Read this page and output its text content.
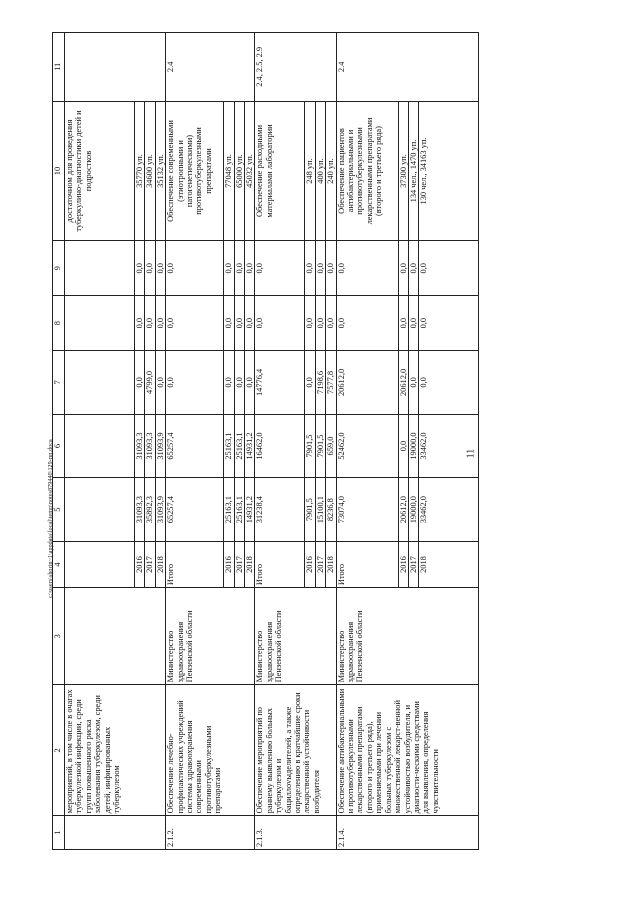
11
c:\users\shorin~1\appdata\local\temp\notes879440\129-пп.doca
1	2	3	4	5	6	7	8	9	10	11
	мероприятий, в том числе в очагах туберкулезной инфекции, среди групп повышенного риска заболевания туберкулезом, среди детей, инфицированных туберкулезом								достаточном для проведения туберкулино-диагностики детей и подростков	
			2016	31093,3	31093,3	0,0	0,0	0,0	35770 уп.	
			2017	35892,3	31093,3	4799,0	0,0	0,0	34600 уп.	
			2018	31093,9	31093,9	0,0	0,0	0,0	35132 уп.	
2.1.2.	Обеспечение лечебно-профилактических учреждений системы здравоохранения современными противотуберкулезными препаратами	Министерство здравоохранения Пензенской области	Итого	65257,4	65257,4	0,0	0,0	0,0	Обеспечение современными (этиотропными и патогенетическими) противотуберкулезными препаратами	2.4
			2016	25163,1	25163,1	0,0	0,0	0,0	77048 уп.	
			2017	25163,1	25163,1	0,0	0,0	0,0	65000 уп.	
			2018	14931,2	14931,2	0,0	0,0	0,0	45032 уп.	
2.1.3.	Обеспечение мероприятий по раннему выявлению больных туберкулезом и бациллovыделителей, а также определению в кратчайшие сроки лекарственной устойчивости возбудителя	Министерство здравоохранения Пензенской области	Итого	31238,4	16462,0	14776,4	0,0	0,0	Обеспечение расходными материалами лаборатории	2.4, 2.5, 2.9
			2016	7901,5	7901,5	0,0	0,0	0,0	248 уп.	
			2017	15100,1	7901,5	7198,6	0,0	0,0	400 уп.	
			2018	8236,8	659,0	7577,8	0,0	0,0	240 уп.	
2.1.4.	Обеспечение антибактериальными и противотуберкулезными лекарственными препаратами (второго и третьего ряда), применяемыми при лечении больных туберкулезом с множественной лекарст-венной устойчивостью возбудителя, и диагности-ческими средствами для выявления, определения чувствительности	Министерство здравоохранения Пензенской области	Итого	73074,0	52462,0	20612,0	0,0	0,0	Обеспечение пациентов антибактериальными и противотуберкулезными лекарственными препаратами (второго и третьего ряда)	2.4
			2016	20612,0	0,0	20612,0	0,0	0,0	37300 уп.	
			2017	19000,0	19000,0	0,0	0,0	0,0	134 чел., 1470 уп.	
			2018	33462,0	33462,0	0,0	0,0	0,0	130 чел., 34163 уп.	
